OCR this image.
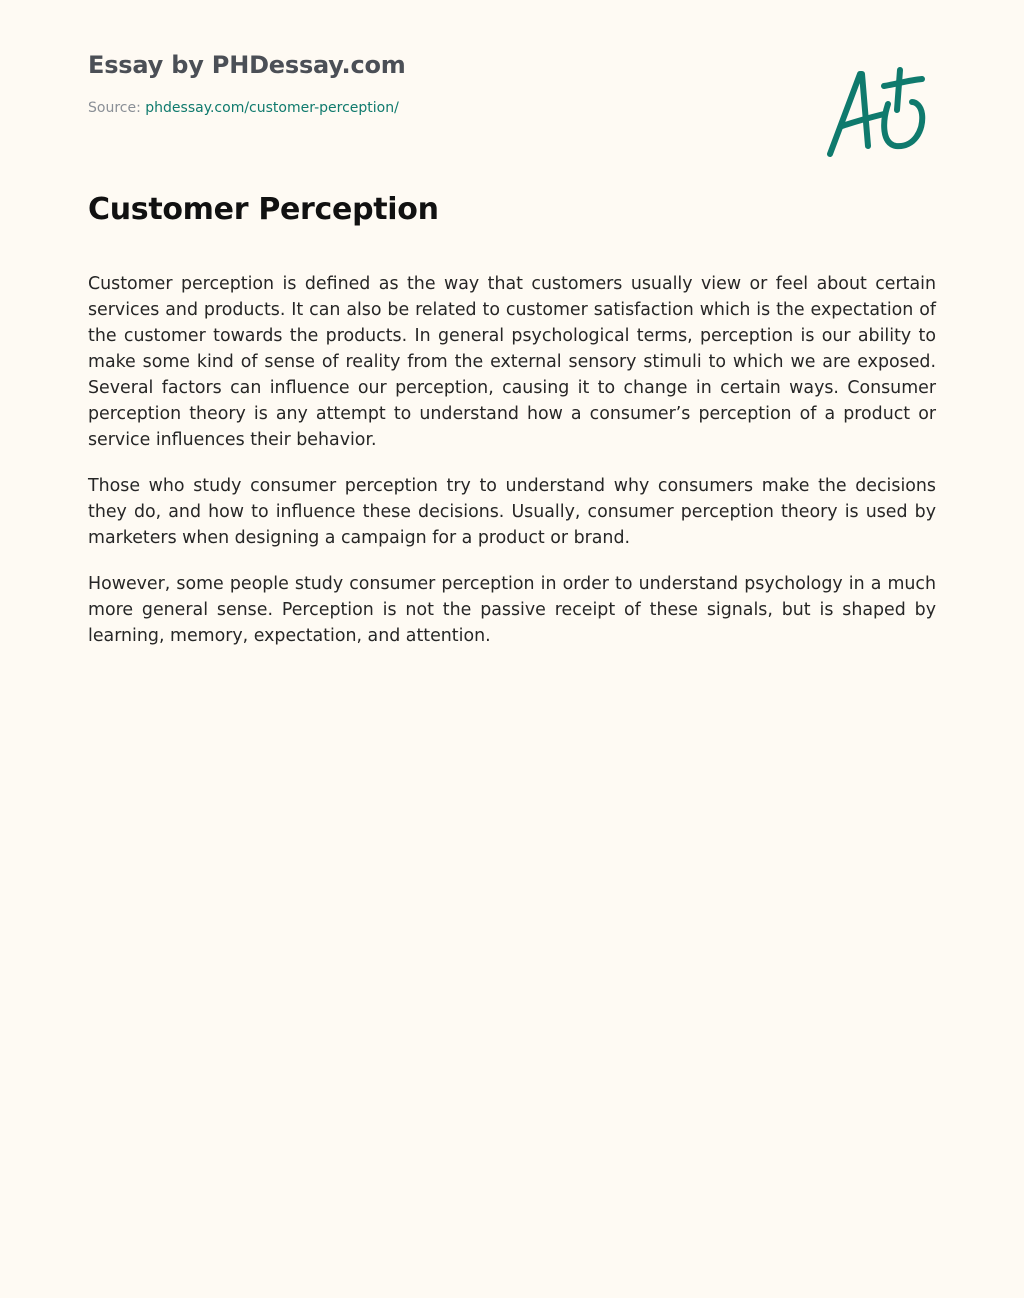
Essay by PHDessay.com
Source: phdessay.com/customer-perception/
Customer Perception

Customer perception is defined as the way that customers usually view or feel about certain services and products. It can also be related to customer satisfaction which is the expectation of the customer towards the products. In general psychological terms, perception is our ability to make some kind of sense of reality from the external sensory stimuli to which we are exposed. Several factors can influence our perception, causing it to change in certain ways. Consumer perception theory is any attempt to understand how a consumer’s perception of a product or service influences their behavior.

Those who study consumer perception try to understand why consumers make the decisions they do, and how to influence these decisions. Usually, consumer perception theory is used by marketers when designing a campaign for a product or brand.

However, some people study consumer perception in order to understand psychology in a much more general sense. Perception is not the passive receipt of these signals, but is shaped by learning, memory, expectation, and attention.
